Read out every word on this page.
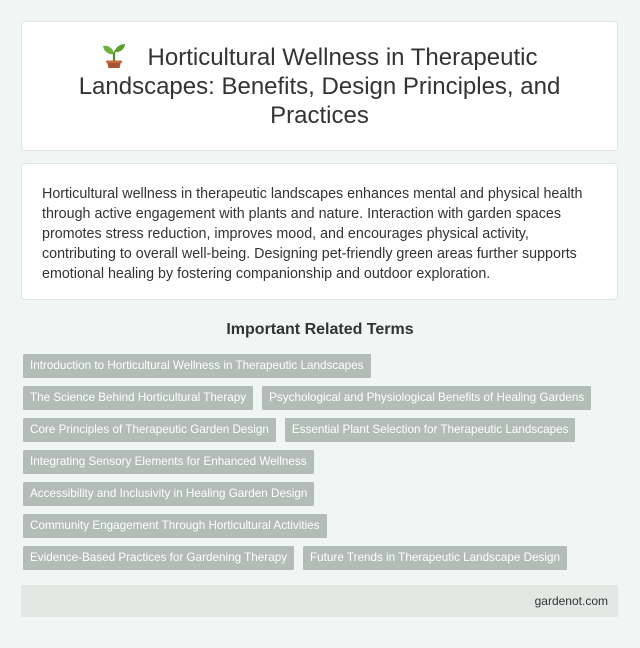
Horticultural Wellness in Therapeutic Landscapes: Benefits, Design Principles, and Practices

Horticultural wellness in therapeutic landscapes enhances mental and physical health through active engagement with plants and nature. Interaction with garden spaces promotes stress reduction, improves mood, and encourages physical activity, contributing to overall well-being. Designing pet-friendly green areas further supports emotional healing by fostering companionship and outdoor exploration.

Important Related Terms
Introduction to Horticultural Wellness in Therapeutic Landscapes
The Science Behind Horticultural Therapy	Psychological and Physiological Benefits of Healing Gardens
Core Principles of Therapeutic Garden Design	Essential Plant Selection for Therapeutic Landscapes
Integrating Sensory Elements for Enhanced Wellness
Accessibility and Inclusivity in Healing Garden Design
Community Engagement Through Horticultural Activities
Evidence-Based Practices for Gardening Therapy	Future Trends in Therapeutic Landscape Design
gardenot.com
